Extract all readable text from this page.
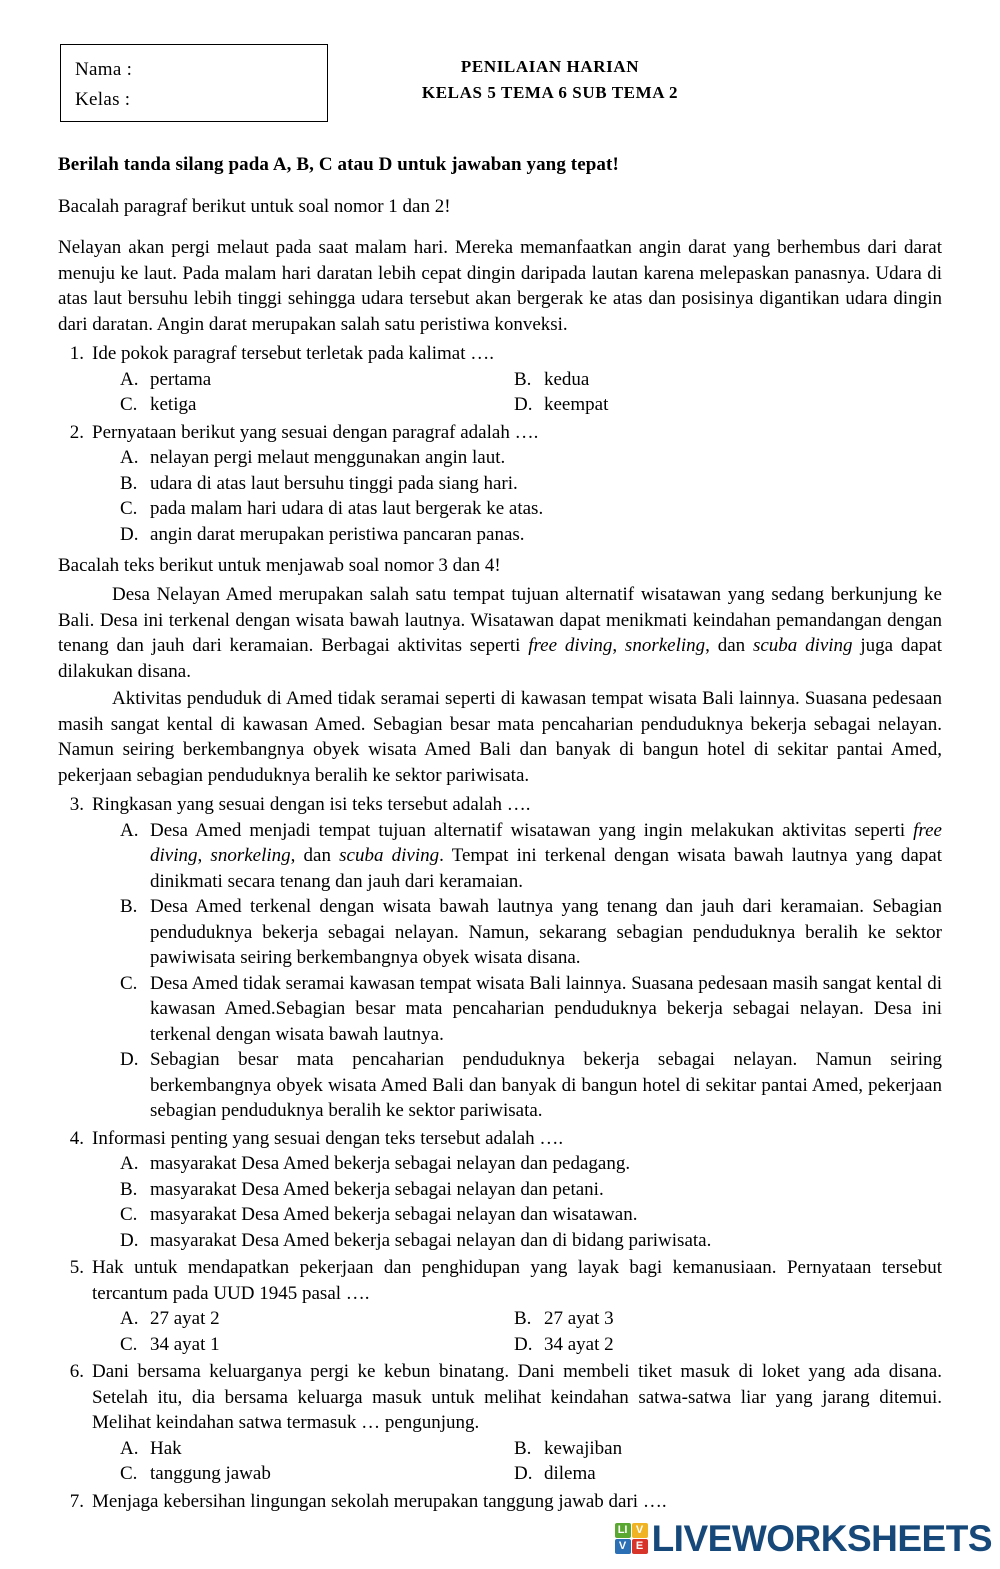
Nama :
Kelas :
PENILAIAN HARIAN
KELAS 5 TEMA 6 SUB TEMA 2
Berilah tanda silang pada A, B, C atau D untuk jawaban yang tepat!
Bacalah paragraf berikut untuk soal nomor 1 dan 2!
Nelayan akan pergi melaut pada saat malam hari. Mereka memanfaatkan angin darat yang berhembus dari darat menuju ke laut. Pada malam hari daratan lebih cepat dingin daripada lautan karena melepaskan panasnya. Udara di atas laut bersuhu lebih tinggi sehingga udara tersebut akan bergerak ke atas dan posisinya digantikan udara dingin dari daratan. Angin darat merupakan salah satu peristiwa konveksi.
1. Ide pokok paragraf tersebut terletak pada kalimat ….
A. pertama	B. kedua
C. ketiga	D. keempat
2. Pernyataan berikut yang sesuai dengan paragraf adalah ….
A. nelayan pergi melaut menggunakan angin laut.
B. udara di atas laut bersuhu tinggi pada siang hari.
C. pada malam hari udara di atas laut bergerak ke atas.
D. angin darat merupakan peristiwa pancaran panas.
Bacalah teks berikut untuk menjawab soal nomor 3 dan 4!
Desa Nelayan Amed merupakan salah satu tempat tujuan alternatif wisatawan yang sedang berkunjung ke Bali. Desa ini terkenal dengan wisata bawah lautnya. Wisatawan dapat menikmati keindahan pemandangan dengan tenang dan jauh dari keramaian. Berbagai aktivitas seperti free diving, snorkeling, dan scuba diving juga dapat dilakukan disana.
Aktivitas penduduk di Amed tidak seramai seperti di kawasan tempat wisata Bali lainnya. Suasana pedesaan masih sangat kental di kawasan Amed. Sebagian besar mata pencaharian penduduknya bekerja sebagai nelayan. Namun seiring berkembangnya obyek wisata Amed Bali dan banyak di bangun hotel di sekitar pantai Amed, pekerjaan sebagian penduduknya beralih ke sektor pariwisata.
3. Ringkasan yang sesuai dengan isi teks tersebut adalah ….
A. Desa Amed menjadi tempat tujuan alternatif wisatawan yang ingin melakukan aktivitas seperti free diving, snorkeling, dan scuba diving. Tempat ini terkenal dengan wisata bawah lautnya yang dapat dinikmati secara tenang dan jauh dari keramaian.
B. Desa Amed terkenal dengan wisata bawah lautnya yang tenang dan jauh dari keramaian. Sebagian penduduknya bekerja sebagai nelayan. Namun, sekarang sebagian penduduknya beralih ke sektor pawiwisata seiring berkembangnya obyek wisata disana.
C. Desa Amed tidak seramai kawasan tempat wisata Bali lainnya. Suasana pedesaan masih sangat kental di kawasan Amed.Sebagian besar mata pencaharian penduduknya bekerja sebagai nelayan. Desa ini terkenal dengan wisata bawah lautnya.
D. Sebagian besar mata pencaharian penduduknya bekerja sebagai nelayan. Namun seiring berkembangnya obyek wisata Amed Bali dan banyak di bangun hotel di sekitar pantai Amed, pekerjaan sebagian penduduknya beralih ke sektor pariwisata.
4. Informasi penting yang sesuai dengan teks tersebut adalah ….
A. masyarakat Desa Amed bekerja sebagai nelayan dan pedagang.
B. masyarakat Desa Amed bekerja sebagai nelayan dan petani.
C. masyarakat Desa Amed bekerja sebagai nelayan dan wisatawan.
D. masyarakat Desa Amed bekerja sebagai nelayan dan di bidang pariwisata.
5. Hak untuk mendapatkan pekerjaan dan penghidupan yang layak bagi kemanusiaan. Pernyataan tersebut tercantum pada UUD 1945 pasal ….
A. 27 ayat 2	B. 27 ayat 3
C. 34 ayat 1	D. 34 ayat 2
6. Dani bersama keluarganya pergi ke kebun binatang. Dani membeli tiket masuk di loket yang ada disana. Setelah itu, dia bersama keluarga masuk untuk melihat keindahan satwa-satwa liar yang jarang ditemui. Melihat keindahan satwa termasuk … pengunjung.
A. Hak	B. kewajiban
C. tanggung jawab	D. dilema
7. Menjaga kebersihan lingungan sekolah merupakan tanggung jawab dari ….
LI V
V E LIVEWORKSHEETS
